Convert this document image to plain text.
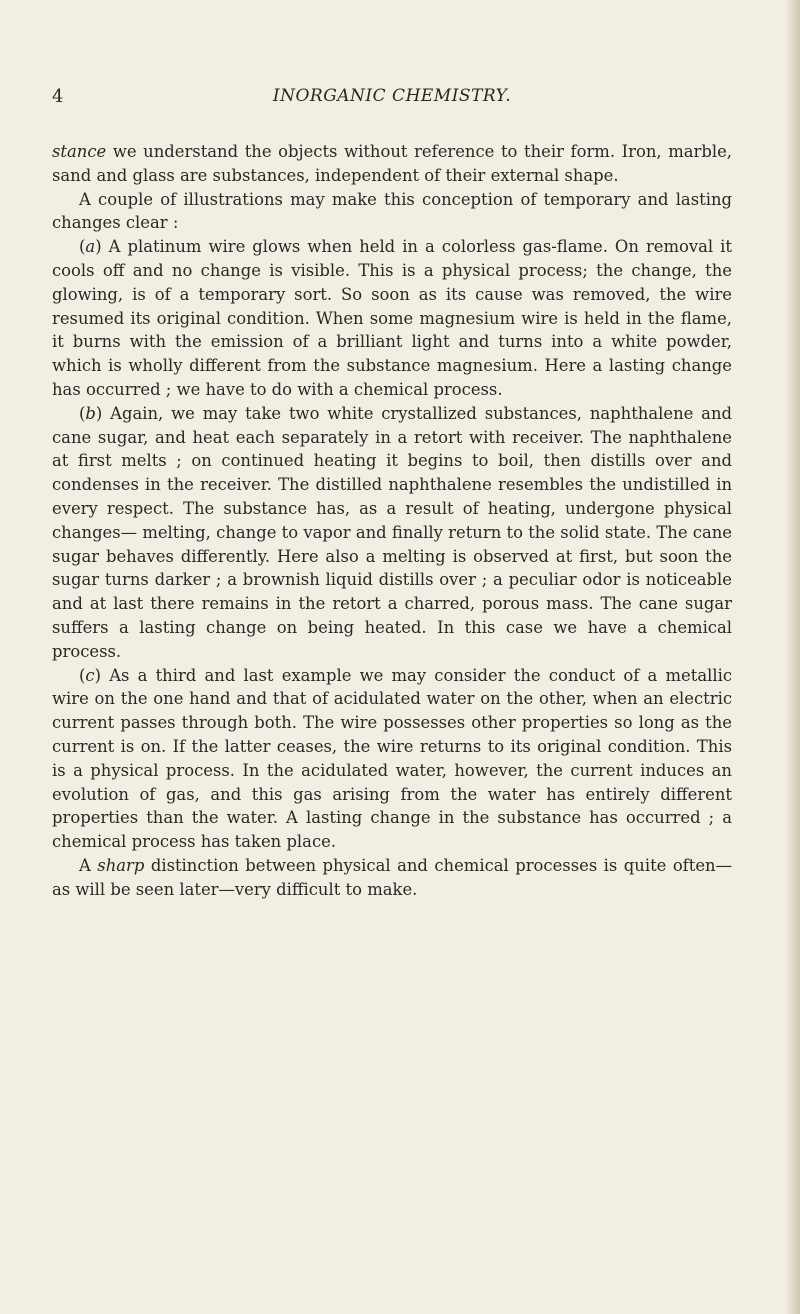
4	INORGANIC CHEMISTRY.

stance we understand the objects without reference to their form. Iron, marble, sand and glass are substances, independent of their external shape.

A couple of illustrations may make this conception of temporary and lasting changes clear :

(a) A platinum wire glows when held in a colorless gas-flame. On removal it cools off and no change is visible. This is a physical process; the change, the glowing, is of a temporary sort. So soon as its cause was removed, the wire resumed its original condition. When some magnesium wire is held in the flame, it burns with the emission of a brilliant light and turns into a white powder, which is wholly different from the substance magnesium. Here a lasting change has occurred ; we have to do with a chemical process.

(b) Again, we may take two white crystallized substances, naphthalene and cane sugar, and heat each separately in a retort with receiver. The naphthalene at first melts ; on continued heating it begins to boil, then distills over and condenses in the receiver. The distilled naphthalene resembles the undistilled in every respect. The substance has, as a result of heating, undergone physical changes— melting, change to vapor and finally return to the solid state. The cane sugar behaves differently. Here also a melting is observed at first, but soon the sugar turns darker ; a brownish liquid distills over ; a peculiar odor is noticeable and at last there remains in the retort a charred, porous mass. The cane sugar suffers a lasting change on being heated. In this case we have a chemical process.

(c) As a third and last example we may consider the conduct of a metallic wire on the one hand and that of acidulated water on the other, when an electric current passes through both. The wire possesses other properties so long as the current is on. If the latter ceases, the wire returns to its original condition. This is a physical process. In the acidulated water, however, the current induces an evolution of gas, and this gas arising from the water has entirely different properties than the water. A lasting change in the substance has occurred ; a chemical process has taken place.

A sharp distinction between physical and chemical processes is quite often—as will be seen later—very difficult to make.
